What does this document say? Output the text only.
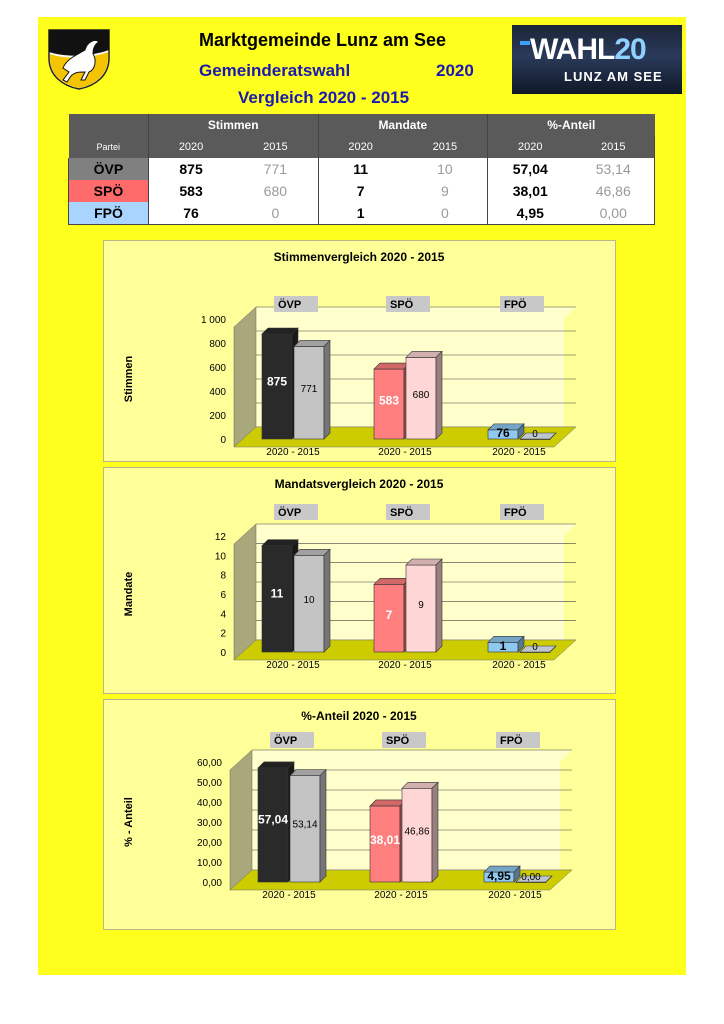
Marktgemeinde Lunz am See
Gemeinderatswahl	2020
Vergleich 2020 - 2015
WAHL20
LUNZ AM SEE
	Stimmen		Mandate		%-Anteil	
Partei	2020	2015	2020	2015	2020	2015
ÖVP	875	771	11	10	57,04	53,14
SPÖ	583	680	7	9	38,01	46,86
FPÖ	76	0	1	0	4,95	0,00
Stimmenvergleich 2020 - 2015
Stimmen
0
200
400
600
800
1 000
ÖVP
875
771
2020 - 2015
SPÖ
583 680
2020 - 2015
FPÖ
76 0
2020 - 2015
Mandatsvergleich 2020 - 2015
Mandate
0
2
4
6
8
10
12
ÖVP
11 10
2020 - 2015
SPÖ
7
9
2020 - 2015
FPÖ
1	0
2020 - 2015
%-Anteil 2020 - 2015
% - Anteil
0,00
10,00
20,00
30,00
40,00
50,00
60,00
ÖVP
57,04 53,14
2020 - 2015
SPÖ
38,01
46,86
2020 - 2015
FPÖ
4,95 0,00
2020 - 2015
